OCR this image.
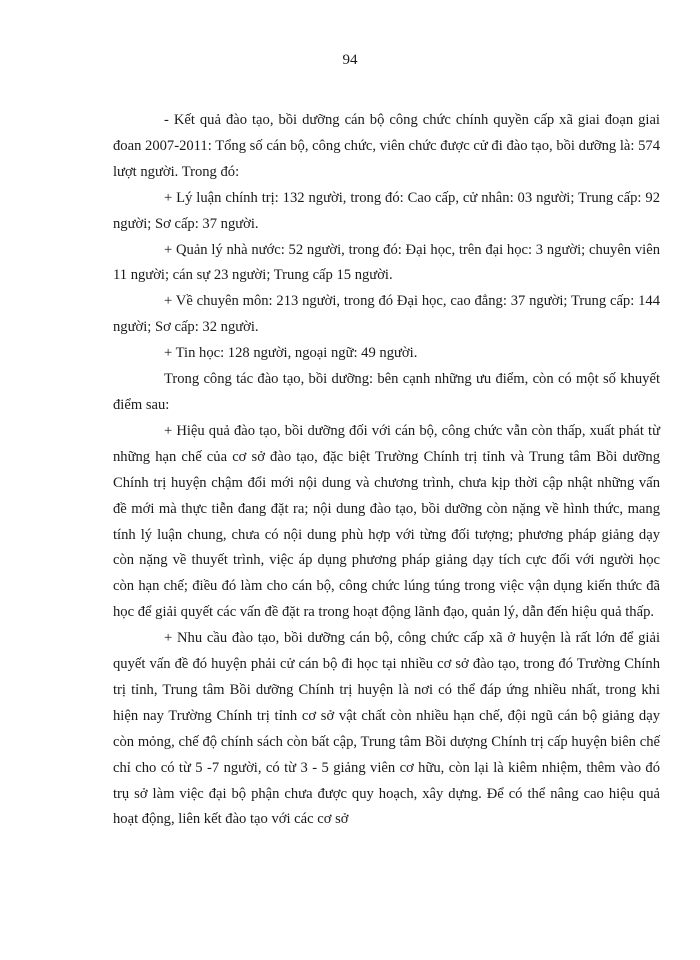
94

- Kết quả đào tạo, bồi dưỡng cán bộ công chức chính quyền cấp xã giai đoạn giai đoan 2007-2011: Tổng số cán bộ, công chức, viên chức được cử đi đào tạo, bồi dưỡng là: 574 lượt người. Trong đó:

+ Lý luận chính trị: 132 người, trong đó: Cao cấp, cử nhân: 03 người; Trung cấp: 92 người; Sơ cấp: 37 người.

+ Quản lý nhà nước: 52 người, trong đó: Đại học, trên đại học: 3 người; chuyên viên 11 người; cán sự 23 người; Trung cấp 15 người.

+ Về chuyên môn: 213 người, trong đó Đại học, cao đẳng: 37 người; Trung cấp: 144 người; Sơ cấp: 32 người.

+ Tin học: 128 người, ngoại ngữ: 49 người.

Trong công tác đào tạo, bồi dưỡng: bên cạnh những ưu điểm, còn có một số khuyết điểm sau:

+ Hiệu quả đào tạo, bồi dưỡng đối với cán bộ, công chức vẫn còn thấp, xuất phát từ những hạn chế của cơ sở đào tạo, đặc biệt Trường Chính trị tỉnh và Trung tâm Bồi dưỡng Chính trị huyện chậm đổi mới nội dung và chương trình, chưa kịp thời cập nhật những vấn đề mới mà thực tiễn đang đặt ra; nội dung đào tạo, bồi dưỡng còn nặng về hình thức, mang tính lý luận chung, chưa có nội dung phù hợp với từng đối tượng; phương pháp giảng dạy còn nặng về thuyết trình, việc áp dụng phương pháp giảng dạy tích cực đối với người học còn hạn chế; điều đó làm cho cán bộ, công chức lúng túng trong việc vận dụng kiến thức đã học để giải quyết các vấn đề đặt ra trong hoạt động lãnh đạo, quản lý, dẫn đến hiệu quả thấp.

+ Nhu cầu đào tạo, bồi dưỡng cán bộ, công chức cấp xã ở huyện là rất lớn để giải quyết vấn đề đó huyện phải cử cán bộ đi học tại nhiều cơ sở đào tạo, trong đó Trường Chính trị tỉnh, Trung tâm Bồi dưỡng Chính trị huyện là nơi có thể đáp ứng nhiều nhất, trong khi hiện nay Trường Chính trị tỉnh cơ sở vật chất còn nhiều hạn chế, đội ngũ cán bộ giảng dạy còn mỏng, chế độ chính sách còn bất cập, Trung tâm Bồi dượng Chính trị cấp huyện biên chế chỉ cho có từ 5 -7 người, có từ 3 - 5 giảng viên cơ hữu, còn lại là kiêm nhiệm, thêm vào đó trụ sở làm việc đại bộ phận chưa được quy hoạch, xây dựng. Để có thể nâng cao hiệu quả hoạt động, liên kết đào tạo với các cơ sở
